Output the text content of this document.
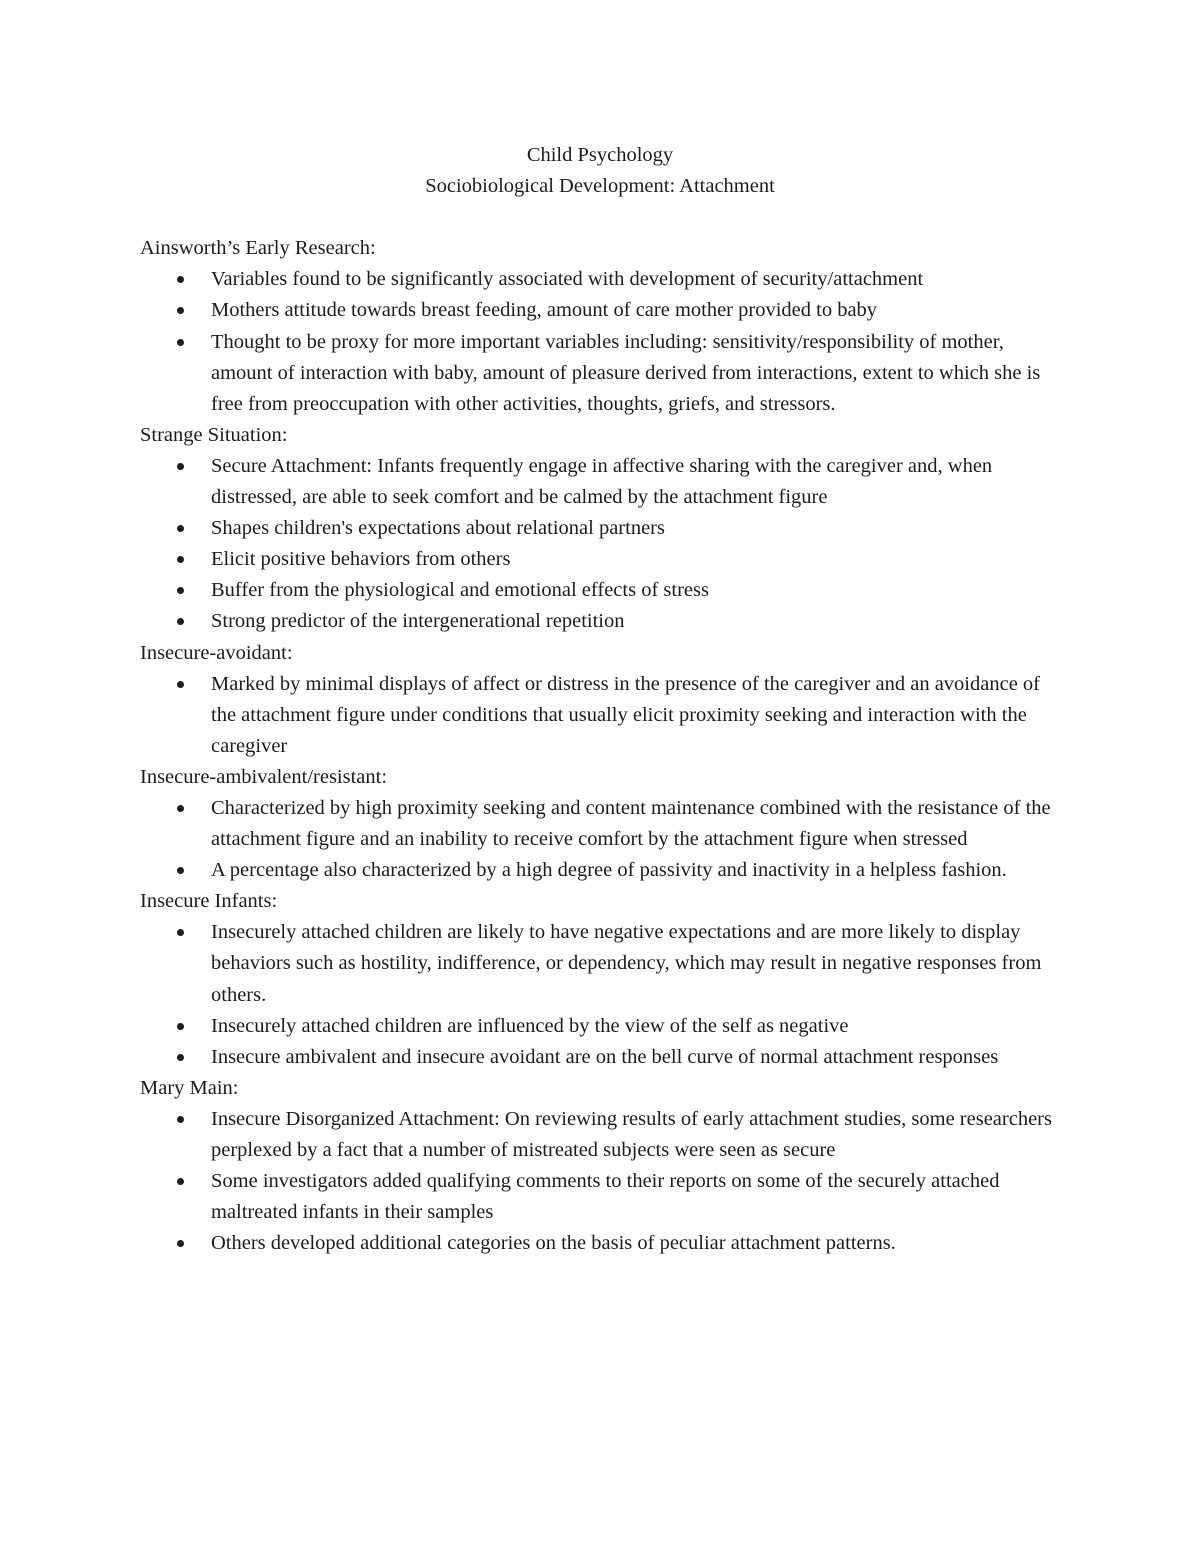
Child Psychology
Sociobiological Development: Attachment
Ainsworth’s Early Research:
Variables found to be significantly associated with development of security/attachment
Mothers attitude towards breast feeding, amount of care mother provided to baby
Thought to be proxy for more important variables including: sensitivity/responsibility of mother, amount of interaction with baby, amount of pleasure derived from interactions, extent to which she is free from preoccupation with other activities, thoughts, griefs, and stressors.
Strange Situation:
Secure Attachment: Infants frequently engage in affective sharing with the caregiver and, when distressed, are able to seek comfort and be calmed by the attachment figure
Shapes children's expectations about relational partners
Elicit positive behaviors from others
Buffer from the physiological and emotional effects of stress
Strong predictor of the intergenerational repetition
Insecure-avoidant:
Marked by minimal displays of affect or distress in the presence of the caregiver and an avoidance of the attachment figure under conditions that usually elicit proximity seeking and interaction with the caregiver
Insecure-ambivalent/resistant:
Characterized by high proximity seeking and content maintenance combined with the resistance of the attachment figure and an inability to receive comfort by the attachment figure when stressed
A percentage also characterized by a high degree of passivity and inactivity in a helpless fashion.
Insecure Infants:
Insecurely attached children are likely to have negative expectations and are more likely to display behaviors such as hostility, indifference, or dependency, which may result in negative responses from others.
Insecurely attached children are influenced by the view of the self as negative
Insecure ambivalent and insecure avoidant are on the bell curve of normal attachment responses
Mary Main:
Insecure Disorganized Attachment: On reviewing results of early attachment studies, some researchers perplexed by a fact that a number of mistreated subjects were seen as secure
Some investigators added qualifying comments to their reports on some of the securely attached maltreated infants in their samples
Others developed additional categories on the basis of peculiar attachment patterns.
